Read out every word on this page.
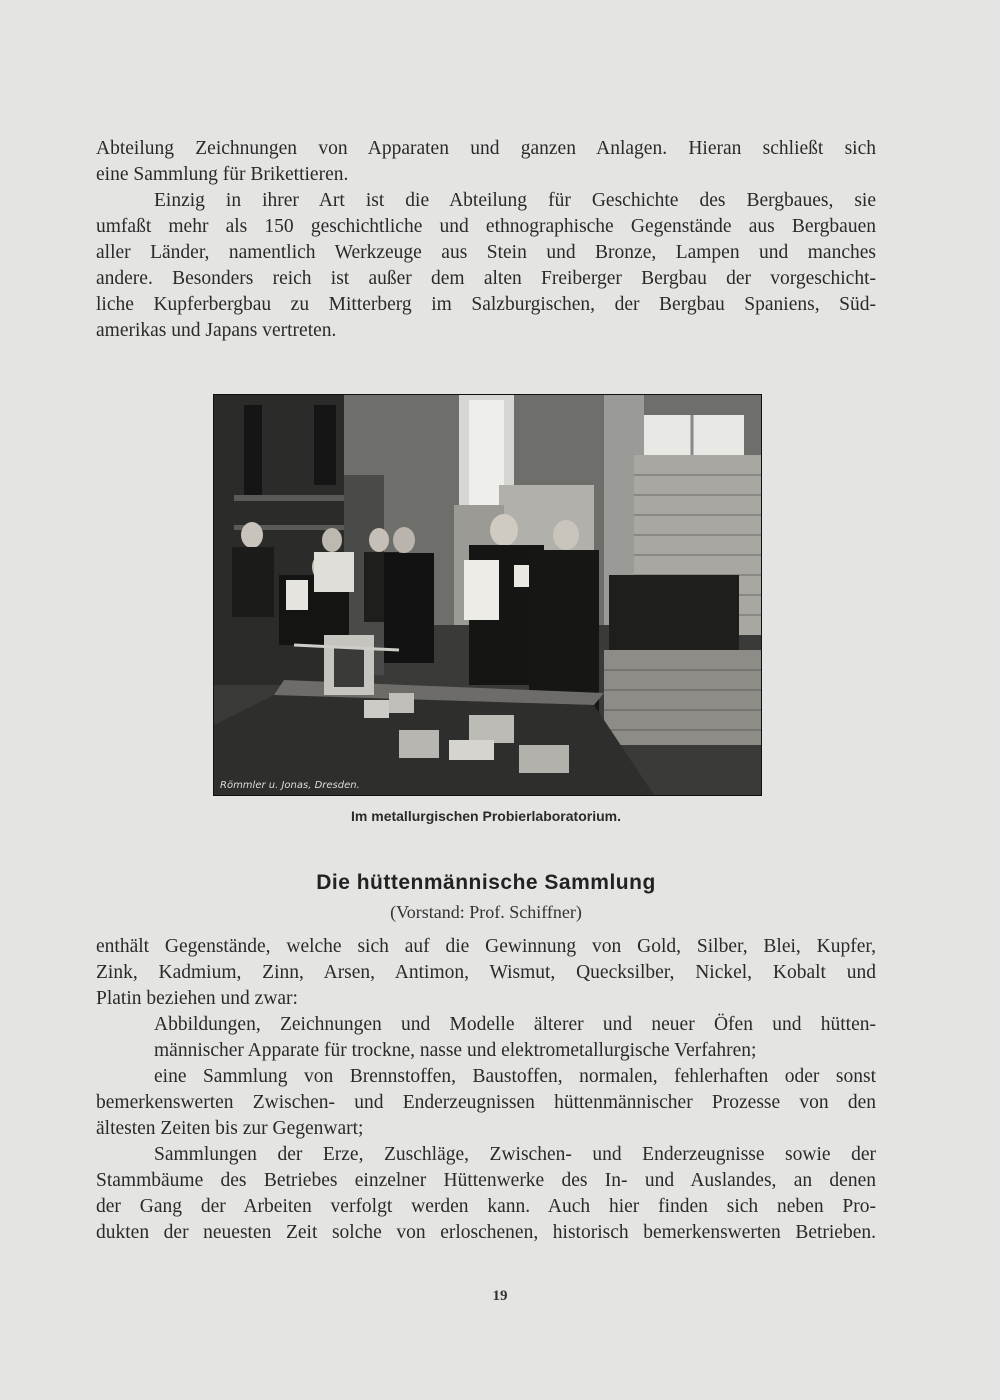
Abteilung Zeichnungen von Apparaten und ganzen Anlagen. Hieran schließt sich
eine Sammlung für Brikettieren.
Einzig in ihrer Art ist die Abteilung für Geschichte des Bergbaues, sie
umfaßt mehr als 150 geschichtliche und ethnographische Gegenstände aus Bergbauen
aller Länder, namentlich Werkzeuge aus Stein und Bronze, Lampen und manches
andere. Besonders reich ist außer dem alten Freiberger Bergbau der vorgeschicht-
liche Kupferbergbau zu Mitterberg im Salzburgischen, der Bergbau Spaniens, Süd-
amerikas und Japans vertreten.
Römmler u. Jonas, Dresden.
Im metallurgischen Probierlaboratorium.
Die hüttenmännische Sammlung
(Vorstand: Prof. Schiffner)
enthält Gegenstände, welche sich auf die Gewinnung von Gold, Silber, Blei, Kupfer,
Zink, Kadmium, Zinn, Arsen, Antimon, Wismut, Quecksilber, Nickel, Kobalt und
Platin beziehen und zwar:
Abbildungen, Zeichnungen und Modelle älterer und neuer Öfen und hütten-
männischer Apparate für trockne, nasse und elektrometallurgische Verfahren;
eine Sammlung von Brennstoffen, Baustoffen, normalen, fehlerhaften oder sonst
bemerkenswerten Zwischen- und Enderzeugnissen hüttenmännischer Prozesse von den
ältesten Zeiten bis zur Gegenwart;
Sammlungen der Erze, Zuschläge, Zwischen- und Enderzeugnisse sowie der
Stammbäume des Betriebes einzelner Hüttenwerke des In- und Auslandes, an denen
der Gang der Arbeiten verfolgt werden kann. Auch hier finden sich neben Pro-
dukten der neuesten Zeit solche von erloschenen, historisch bemerkenswerten Betrieben.
19
